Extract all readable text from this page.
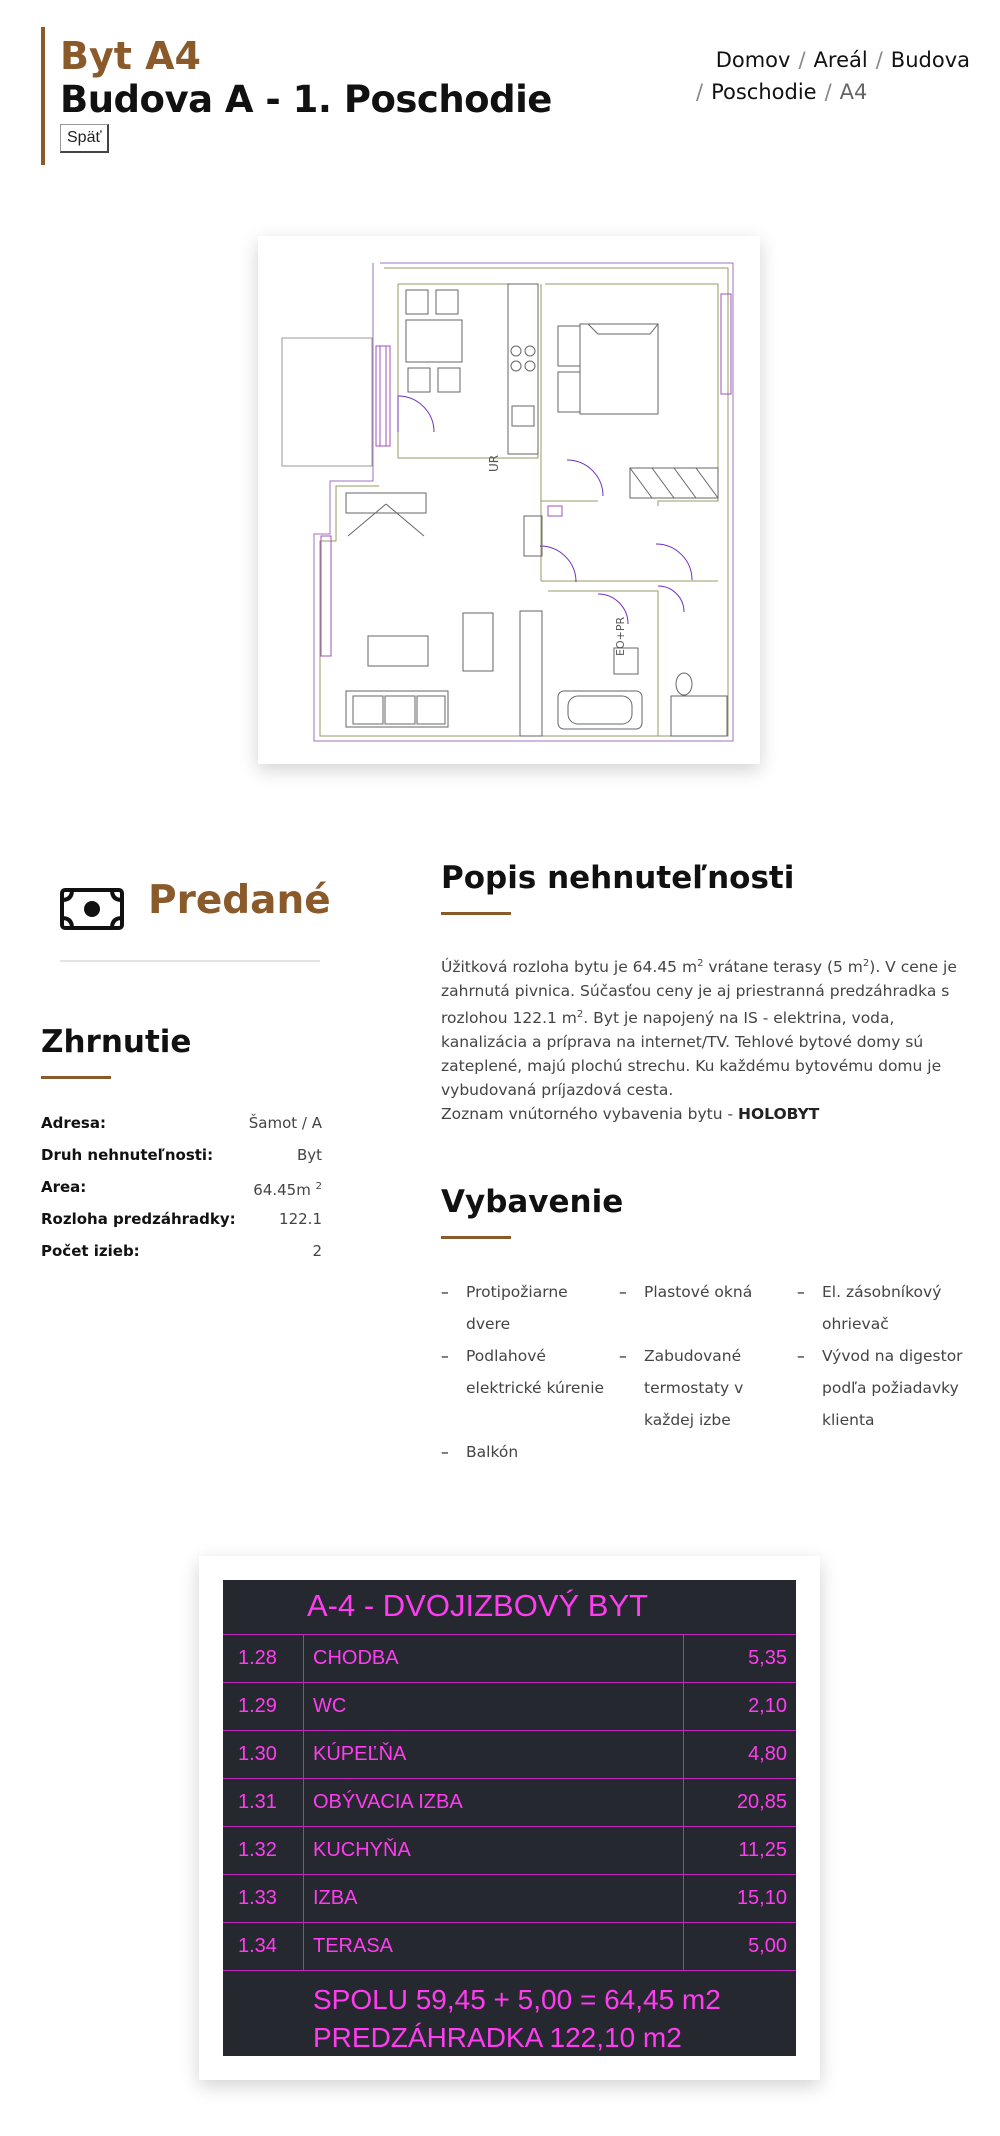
Byt A4
Budova A - 1. Poschodie
Späť
Domov / Areál / Budova
/ Poschodie / A4
UR
EO+PR
Predané
Zhrnutie
Adresa:	Šamot / A
Druh nehnuteľnosti:	Byt
Area:	64.45m $^2$
Rozloha predzáhradky:	122.1
Počet izieb:	2
Popis nehnuteľnosti
Úžitková rozloha bytu je 64.45 $m^2$ vrátane terasy (5 $m^2$). V cene je zahrnutá pivnica. Súčasťou ceny je aj priestranná predzáhradka s rozlohou 122.1 $m^2$. Byt je napojený na IS - elektrina, voda, kanalizácia a prípravа na internet/TV. Tehlové bytové domy sú zateplené, majú plochú strechu. Ku každému bytovému domu je vybudovaná príjazdová cesta.
Zoznam vnútorného vybavenia bytu - HOLOBYT
Vybavenie
–	Protipožiarne dvere
–	Plastové okná	–	El. zásobníkový ohrievač
–	Podlahové elektrické kúrenie
–	Zabudované termostaty v každej izbe
–	Vývod na digestor podľa požiadavky klienta
–	Balkón
A-4 - DVOJIZBOVÝ BYT
1.28 CHODBA	5,35
1.29 WC	2,10
1.30 KÚPEĽŇA	4,80
1.31 OBÝVACIA IZBA	20,85
1.32 KUCHYŇA	11,25
1.33 IZBA	15,10
1.34 TERASA	5,00
SPOLU 59,45 + 5,00 = 64,45 m2
PREDZÁHRADKA 122,10 m2
